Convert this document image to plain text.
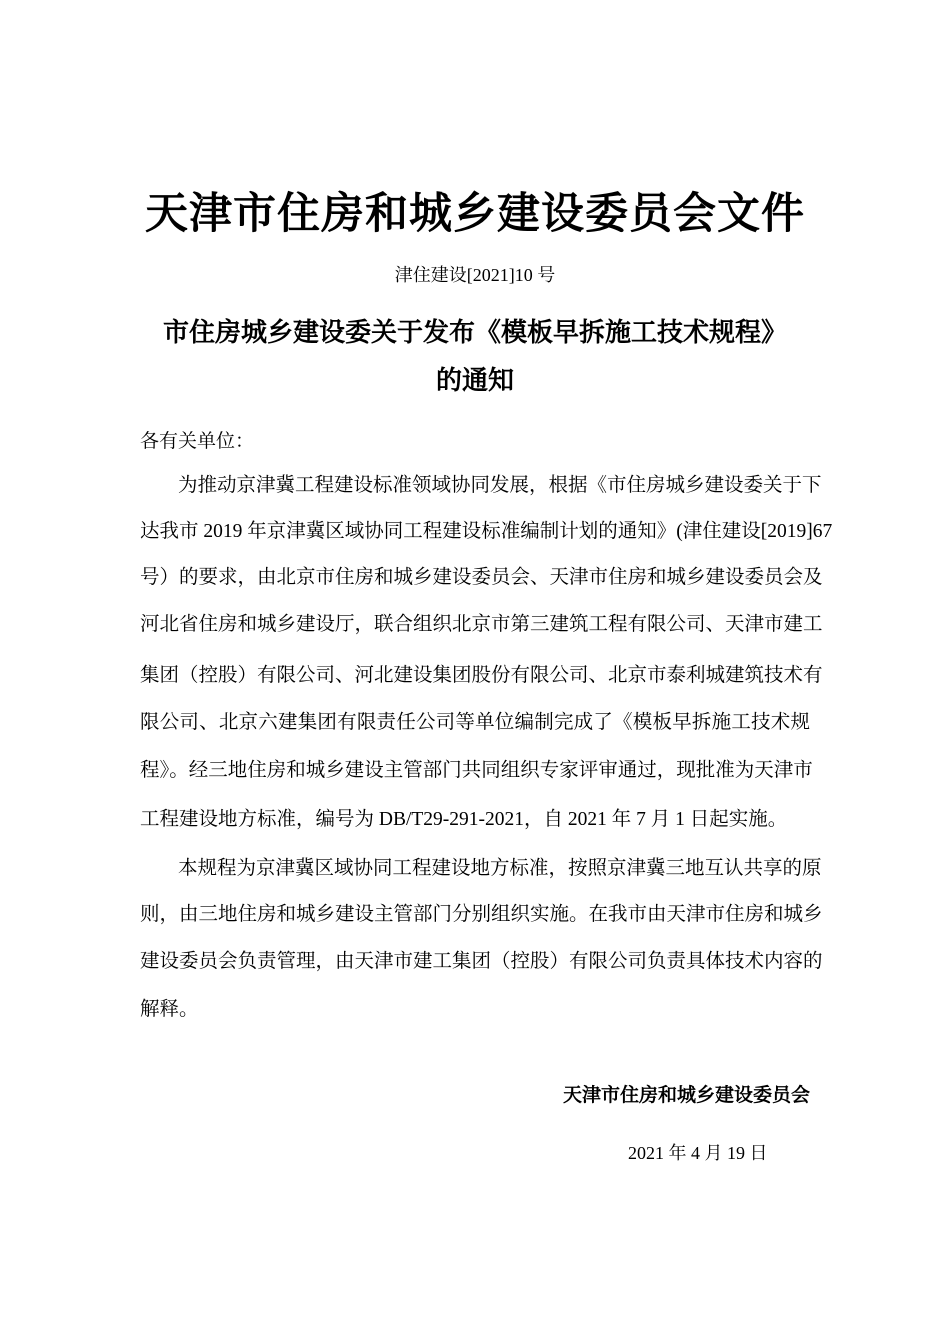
天津市住房和城乡建设委员会文件
津住建设[2021]10 号
市住房城乡建设委关于发布《模板早拆施工技术规程》
的通知
各有关单位：
为推动京津冀工程建设标准领域协同发展，根据《市住房城乡建设委关于下
达我市 2019 年京津冀区域协同工程建设标准编制计划的通知》(津住建设[2019]67
号）的要求，由北京市住房和城乡建设委员会、天津市住房和城乡建设委员会及
河北省住房和城乡建设厅，联合组织北京市第三建筑工程有限公司、天津市建工
集团（控股）有限公司、河北建设集团股份有限公司、北京市泰利城建筑技术有
限公司、北京六建集团有限责任公司等单位编制完成了《模板早拆施工技术规
程》。经三地住房和城乡建设主管部门共同组织专家评审通过，现批准为天津市
工程建设地方标准，编号为 DB/T29-291-2021，自 2021 年 7 月 1 日起实施。
本规程为京津冀区域协同工程建设地方标准，按照京津冀三地互认共享的原
则，由三地住房和城乡建设主管部门分别组织实施。在我市由天津市住房和城乡
建设委员会负责管理，由天津市建工集团（控股）有限公司负责具体技术内容的
解释。
天津市住房和城乡建设委员会
2021 年 4 月 19 日
